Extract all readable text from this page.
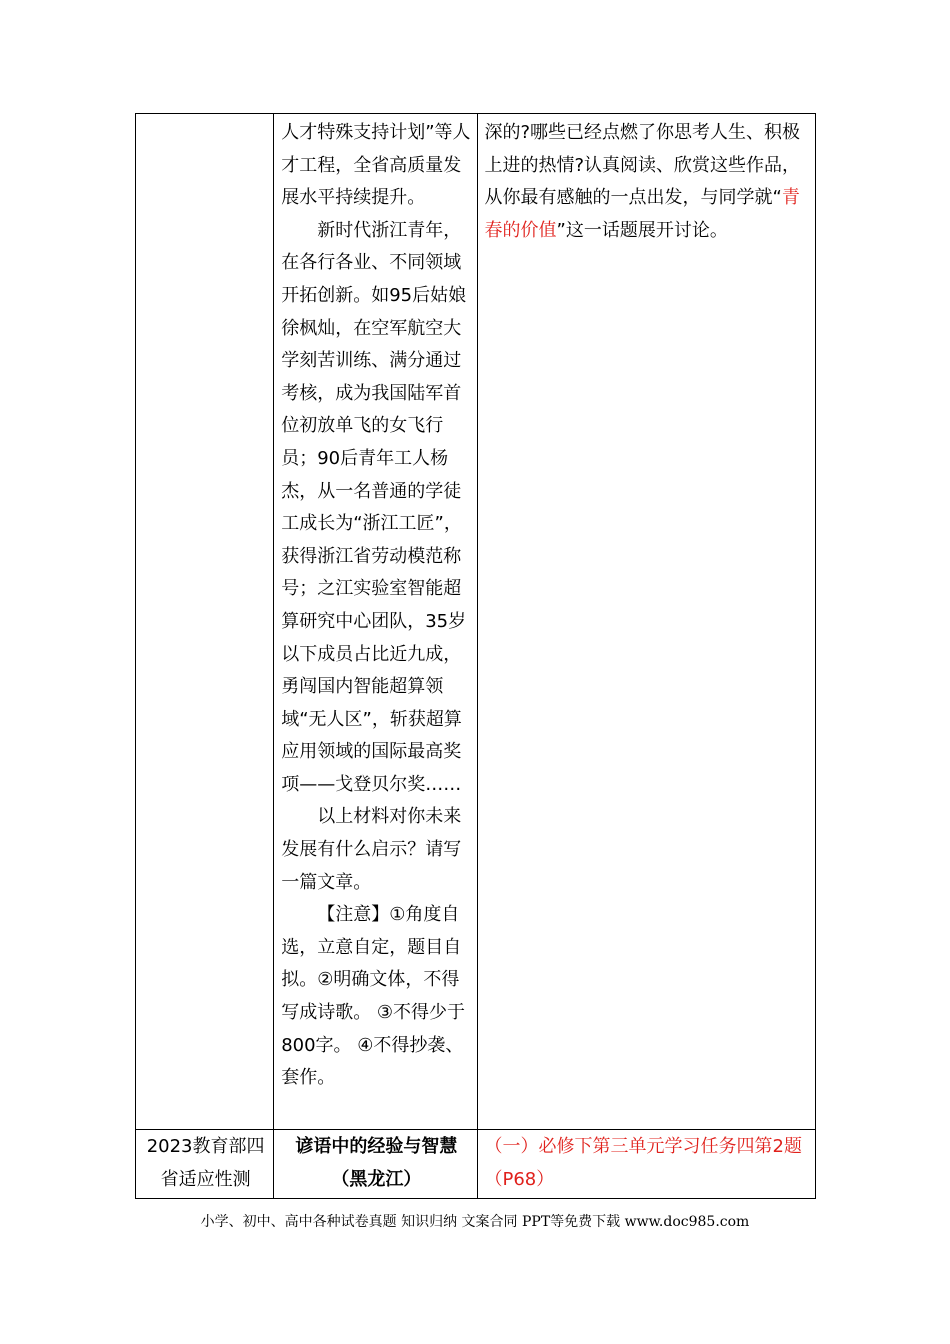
	人才特殊支持计划”等人才工程，全省高质量发展水平持续提升。

新时代浙江青年，在各行各业、不同领域开拓创新。如95后姑娘徐枫灿，在空军航空大学刻苦训练、满分通过考核，成为我国陆军首位初放单飞的女飞行员；90后青年工人杨杰，从一名普通的学徒工成长为“浙江工匠”，获得浙江省劳动模范称号；之江实验室智能超算研究中心团队，35岁以下成员占比近九成，勇闯国内智能超算领域“无人区”，斩获超算应用领域的国际最高奖项——戈登贝尔奖……

以上材料对你未来发展有什么启示？请写一篇文章。

【注意】①角度自选，立意自定，题目自拟。②明确文体，不得写成诗歌。 ③不得少于800字。 ④不得抄袭、套作。	深的?哪些已经点燃了你思考人生、积极上进的热情?认真阅读、欣赏这些作品，从你最有感触的一点出发，与同学就“青春的价值”这一话题展开讨论。

2023教育部四省适应性测	谚语中的经验与智慧（黑龙江）	（一）必修下第三单元学习任务四第2题（P68）
小学、初中、高中各种试卷真题 知识归纳 文案合同 PPT等免费下载 www.doc985.com
